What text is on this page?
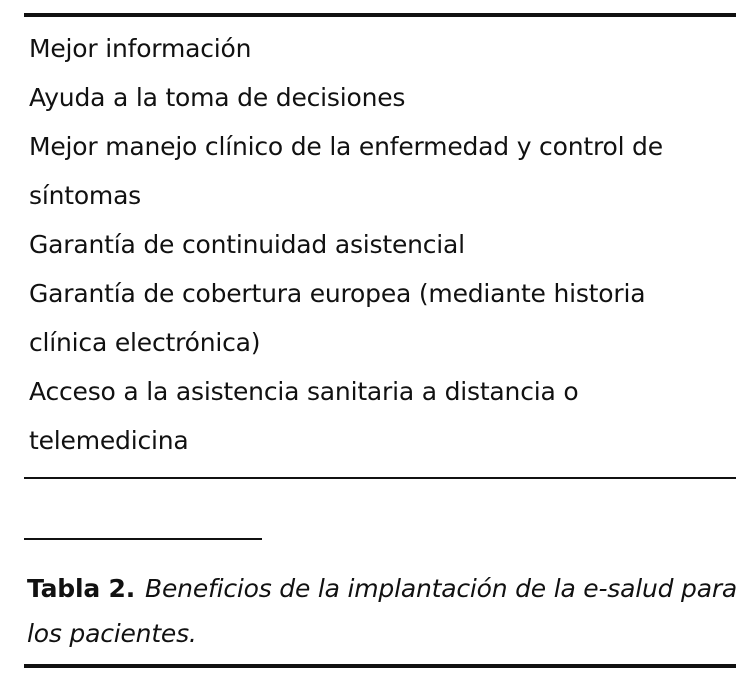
Mejor información
Ayuda a la toma de decisiones
Mejor manejo clínico de la enfermedad y control de síntomas
Garantía de continuidad asistencial
Garantía de cobertura europea (mediante historia clínica electrónica)
Acceso a la asistencia sanitaria a distancia o telemedicina

Tabla 2. Beneficios de la implantación de la e-salud para los pacientes.
